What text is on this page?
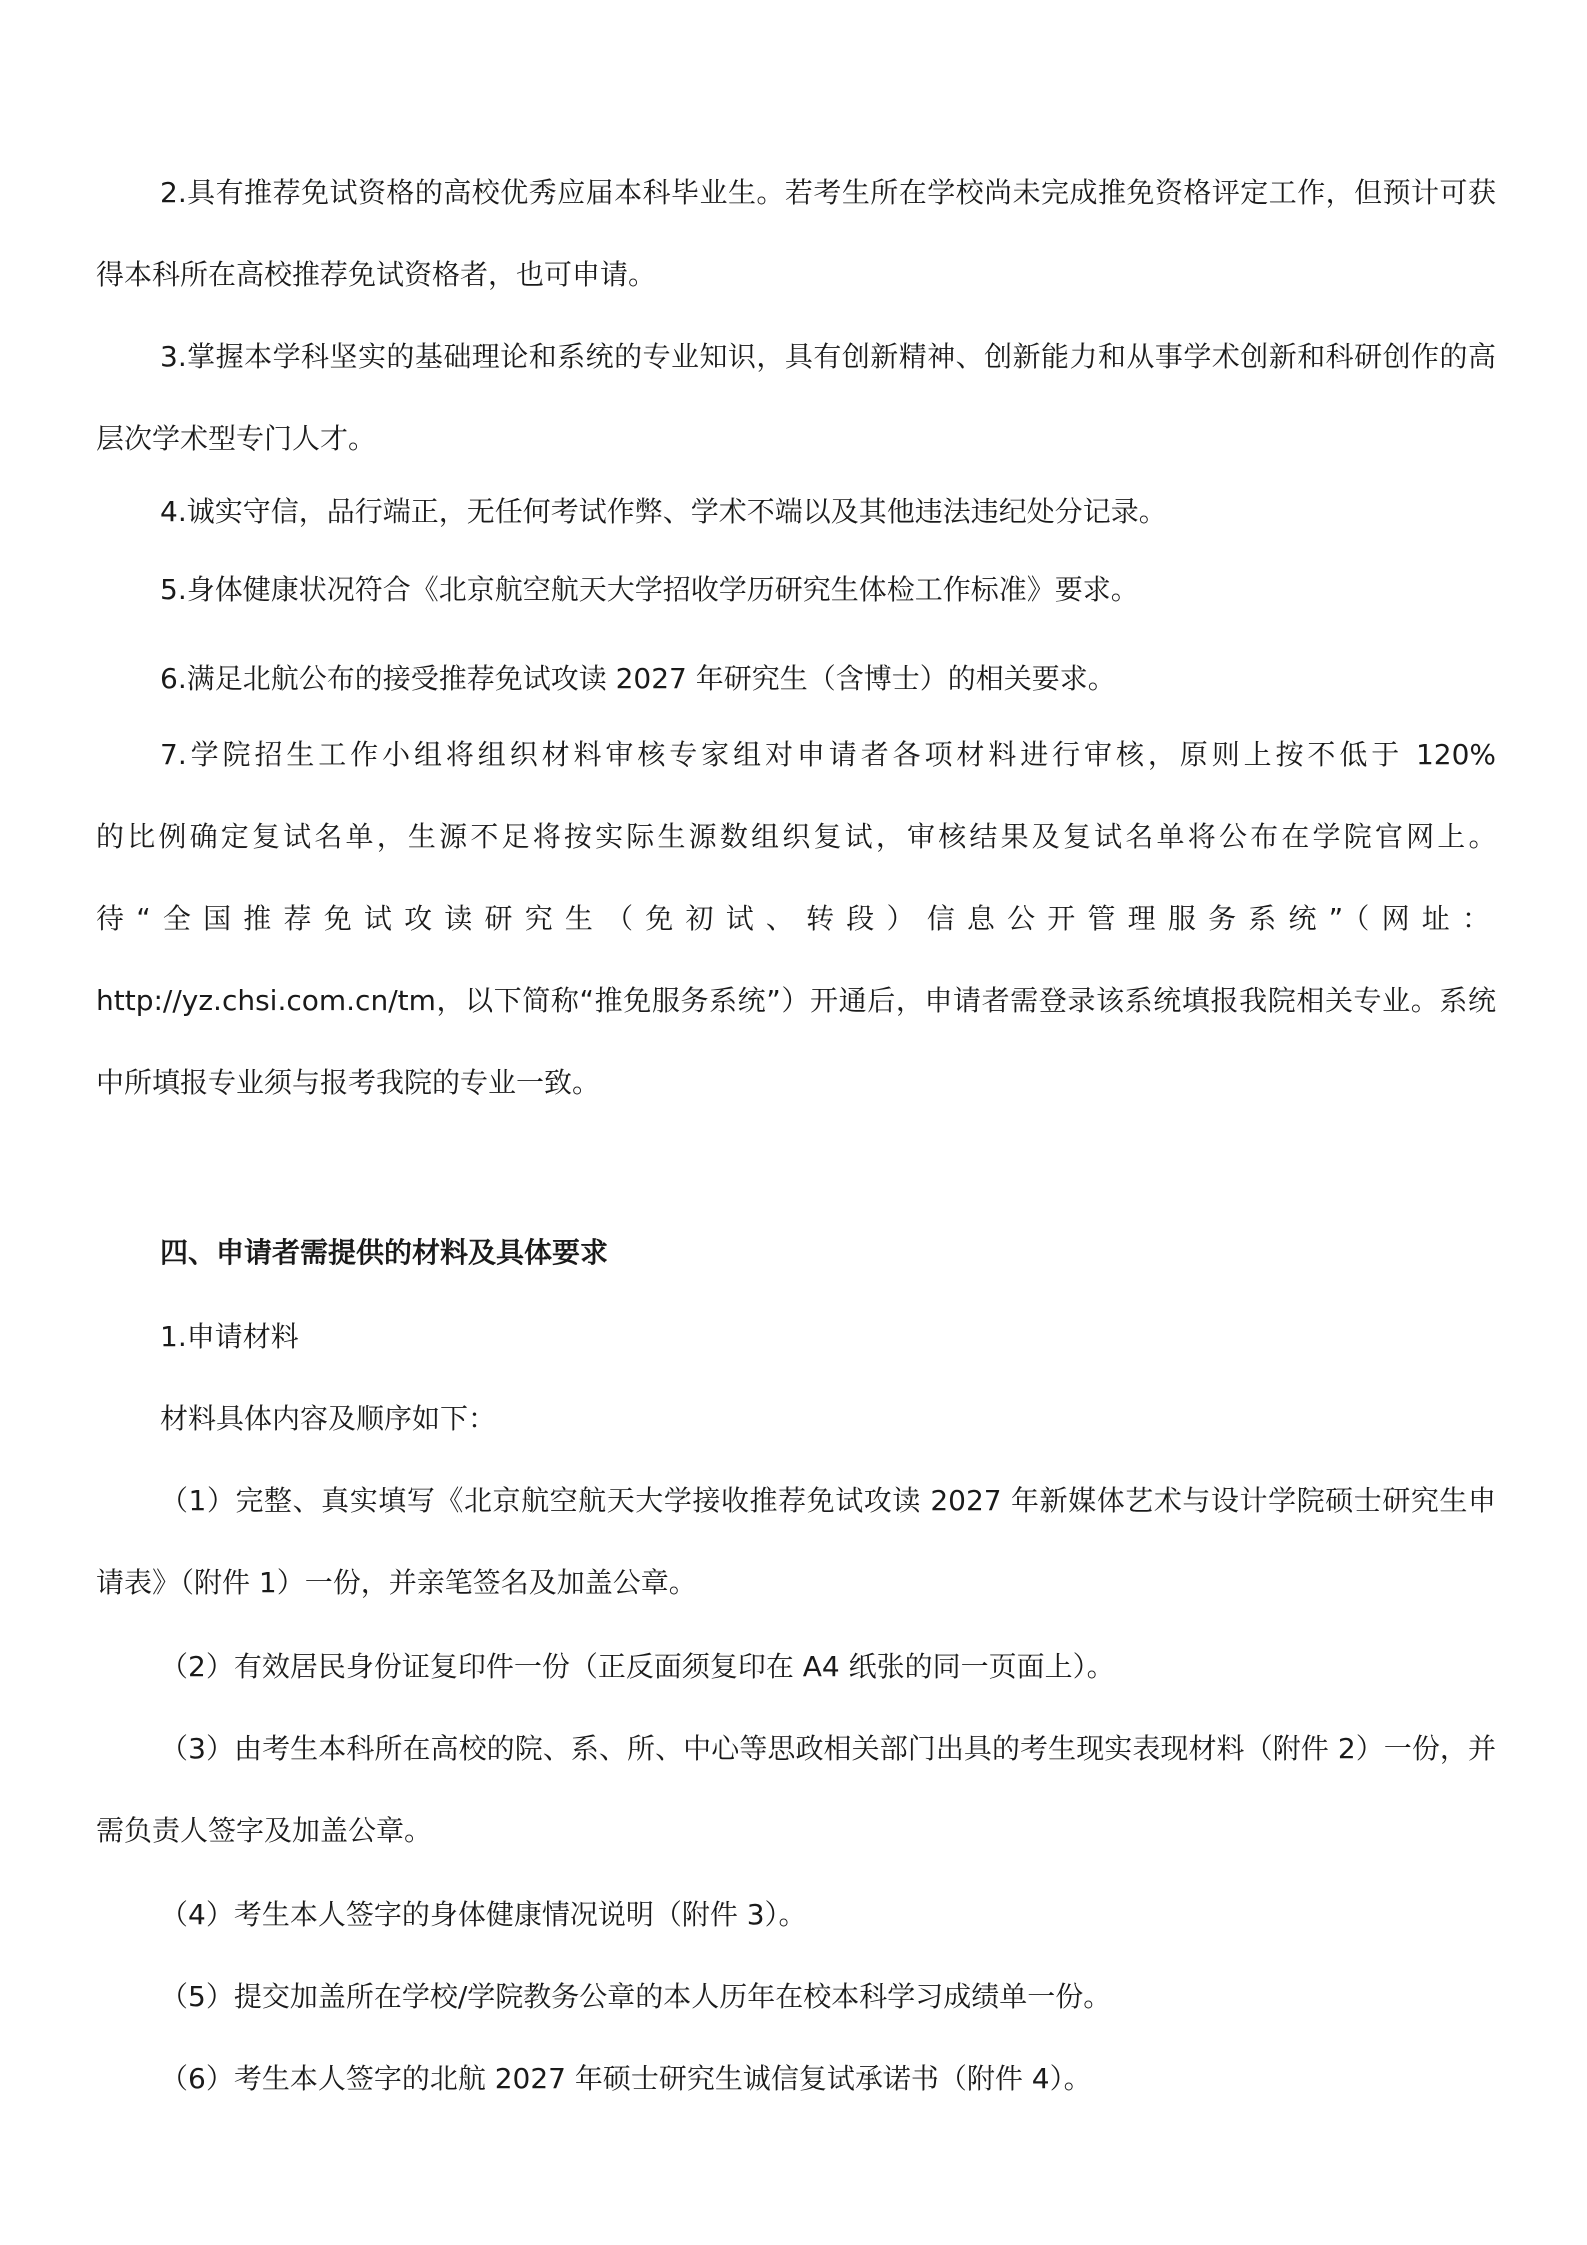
2.具有推荐免试资格的高校优秀应届本科毕业生。若考生所在学校尚未完成推免资格评定工作，但预计可获得本科所在高校推荐免试资格者，也可申请。

3.掌握本学科坚实的基础理论和系统的专业知识，具有创新精神、创新能力和从事学术创新和科研创作的高层次学术型专门人才。

4.诚实守信，品行端正，无任何考试作弊、学术不端以及其他违法违纪处分记录。

5.身体健康状况符合《北京航空航天大学招收学历研究生体检工作标准》要求。

6.满足北航公布的接受推荐免试攻读 2027 年研究生（含博士）的相关要求。

7.学院招生工作小组将组织材料审核专家组对申请者各项材料进行审核，原则上按不低于 120%
的比例确定复试名单，生源不足将按实际生源数组织复试，审核结果及复试名单将公布在学院官网上。
待“全国推荐免试攻读研究生（免初试、转段）信息公开管理服务系统”（网址：
http://yz.chsi.com.cn/tm，以下简称“推免服务系统”）开通后，申请者需登录该系统填报我院相关专业。系统中所填报专业须与报考我院的专业一致。

四、申请者需提供的材料及具体要求

1.申请材料

材料具体内容及顺序如下：

（1）完整、真实填写《北京航空航天大学接收推荐免试攻读 2027 年新媒体艺术与设计学院硕士研究生申请表》（附件 1）一份，并亲笔签名及加盖公章。

（2）有效居民身份证复印件一份（正反面须复印在 A4 纸张的同一页面上）。

（3）由考生本科所在高校的院、系、所、中心等思政相关部门出具的考生现实表现材料（附件 2）一份，并需负责人签字及加盖公章。

（4）考生本人签字的身体健康情况说明（附件 3）。

（5）提交加盖所在学校/学院教务公章的本人历年在校本科学习成绩单一份。

（6）考生本人签字的北航 2027 年硕士研究生诚信复试承诺书（附件 4）。
